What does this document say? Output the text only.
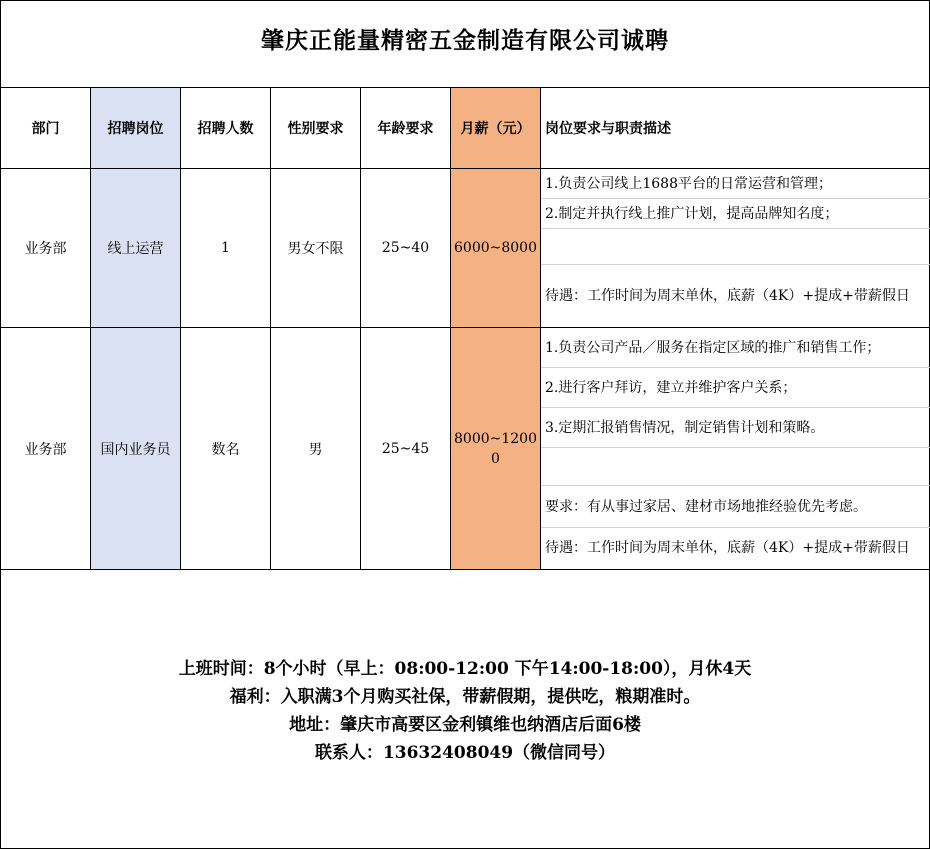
肇庆正能量精密五金制造有限公司诚聘
部门	招聘岗位	招聘人数	性别要求	年龄要求	月薪（元）	岗位要求与职责描述
业务部	线上运营	1	男女不限	25~40	6000~8000	1.负责公司线上1688平台的日常运营和管理；
2.制定并执行线上推广计划，提高品牌知名度；
待遇：工作时间为周末单休，底薪（4K）+提成+带薪假日

业务部	国内业务员	数名	男	25~45	8000~12000	1.负责公司产品／服务在指定区域的推广和销售工作；
2.进行客户拜访，建立并维护客户关系；
3.定期汇报销售情况，制定销售计划和策略。
要求：有从事过家居、建材市场地推经验优先考虑。
待遇：工作时间为周末单休，底薪（4K）+提成+带薪假日
上班时间：8个小时（早上：08:00-12:00 下午14:00-18:00），月休4天
福利：入职满3个月购买社保，带薪假期，提供吃，粮期准时。
地址：肇庆市高要区金利镇维也纳酒店后面6楼
联系人：13632408049（微信同号）
